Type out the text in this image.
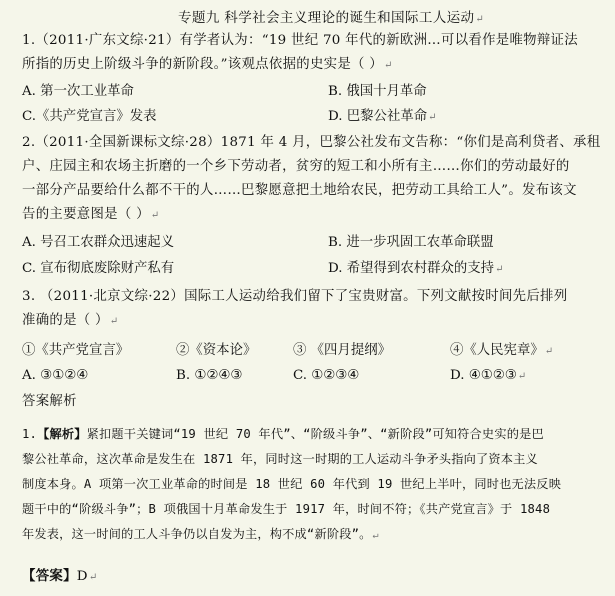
专题九 科学社会主义理论的诞生和国际工人运动↵
1.（2011·广东文综·21）有学者认为：“19 世纪 70 年代的新欧洲…可以看作是唯物辩证法
所指的历史上阶级斗争的新阶段。”该观点依据的史实是（ ）↵
A. 第一次工业革命	B. 俄国十月革命
C.《共产党宣言》发表	D. 巴黎公社革命↵
2.（2011·全国新课标文综·28）1871 年 4 月，巴黎公社发布文告称：“你们是高利贷者、承租
户、庄园主和农场主折磨的一个乡下劳动者，贫穷的短工和小所有主……你们的劳动最好的
一部分产品要给什么都不干的人……巴黎愿意把土地给农民，把劳动工具给工人”。发布该文
告的主要意图是（ ）↵
A. 号召工农群众迅速起义	B. 进一步巩固工农革命联盟
C. 宣布彻底废除财产私有	D. 希望得到农村群众的支持↵
3. （2011·北京文综·22）国际工人运动给我们留下了宝贵财富。下列文献按时间先后排列
准确的是（ ）↵
①《共产党宣言》	②《资本论》	③ 《四月提纲》	④《人民宪章》↵
A. ③①②④	B. ①②④③	C. ①②③④	D. ④①②③↵
答案解析
1.【解析】紧扣题干关键词“19 世纪 70 年代”、“阶级斗争”、“新阶段”可知符合史实的是巴
黎公社革命，这次革命是发生在 1871 年，同时这一时期的工人运动斗争矛头指向了资本主义
制度本身。A 项第一次工业革命的时间是 18 世纪 60 年代到 19 世纪上半叶，同时也无法反映
题干中的“阶级斗争”；B 项俄国十月革命发生于 1917 年，时间不符；《共产党宣言》于 1848
年发表，这一时间的工人斗争仍以自发为主，构不成“新阶段”。↵
【答案】D↵
